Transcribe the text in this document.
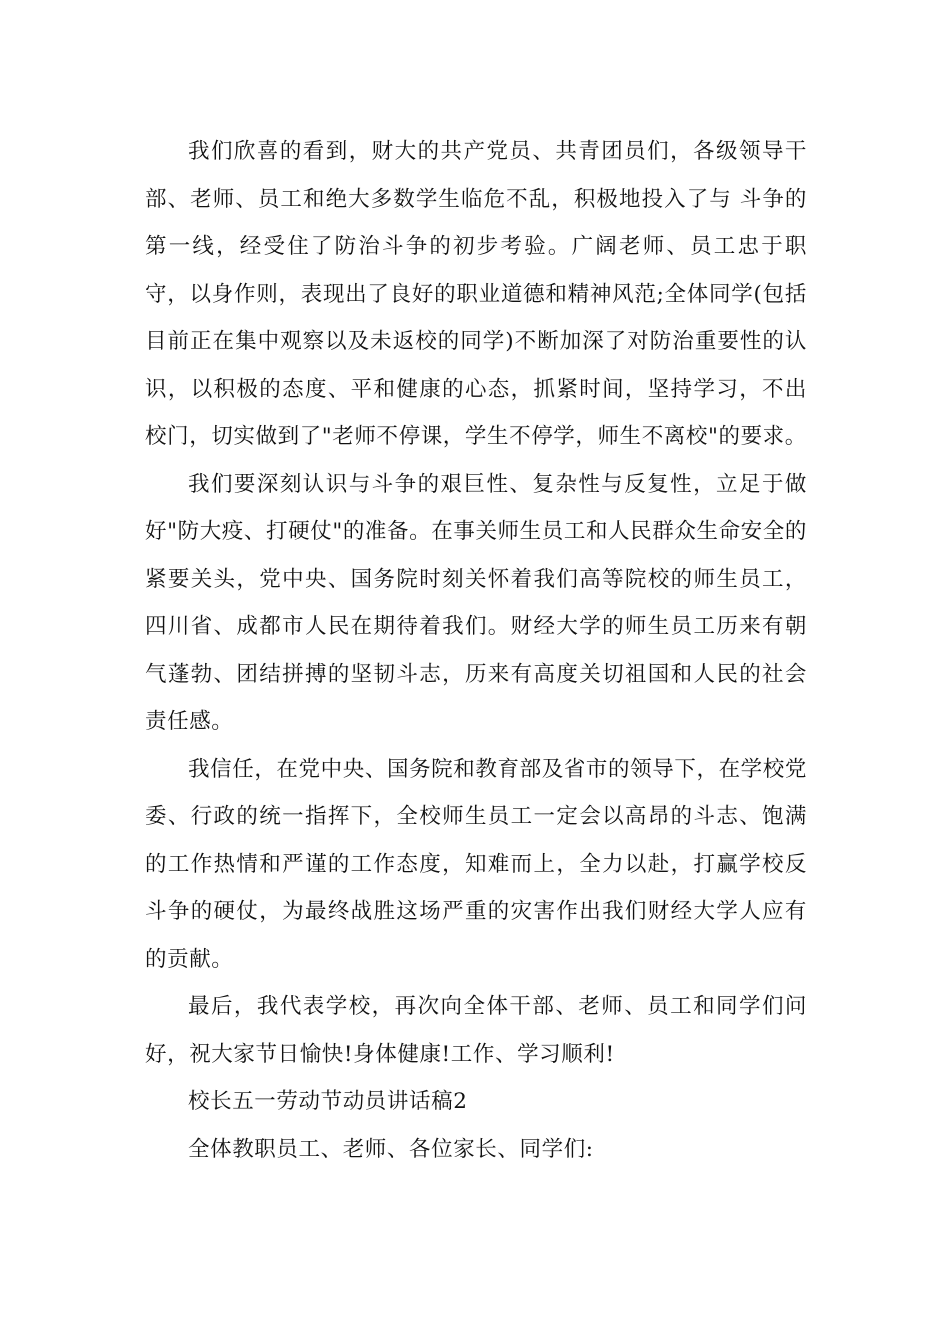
我们欣喜的看到，财大的共产党员、共青团员们，各级领导干部、老师、员工和绝大多数学生临危不乱，积极地投入了与 斗争的第一线，经受住了防治斗争的初步考验。广阔老师、员工忠于职守，以身作则，表现出了良好的职业道德和精神风范;全体同学(包括目前正在集中观察以及未返校的同学)不断加深了对防治重要性的认识，以积极的态度、平和健康的心态，抓紧时间，坚持学习，不出校门，切实做到了"老师不停课，学生不停学，师生不离校"的要求。

我们要深刻认识与斗争的艰巨性、复杂性与反复性，立足于做好"防大疫、打硬仗"的准备。在事关师生员工和人民群众生命安全的紧要关头，党中央、国务院时刻关怀着我们高等院校的师生员工，四川省、成都市人民在期待着我们。财经大学的师生员工历来有朝气蓬勃、团结拼搏的坚韧斗志，历来有高度关切祖国和人民的社会责任感。

我信任，在党中央、国务院和教育部及省市的领导下，在学校党委、行政的统一指挥下，全校师生员工一定会以高昂的斗志、饱满的工作热情和严谨的工作态度，知难而上，全力以赴，打赢学校反斗争的硬仗，为最终战胜这场严重的灾害作出我们财经大学人应有的贡献。

最后，我代表学校，再次向全体干部、老师、员工和同学们问好，祝大家节日愉快!身体健康!工作、学习顺利!

校长五一劳动节动员讲话稿2

全体教职员工、老师、各位家长、同学们:
